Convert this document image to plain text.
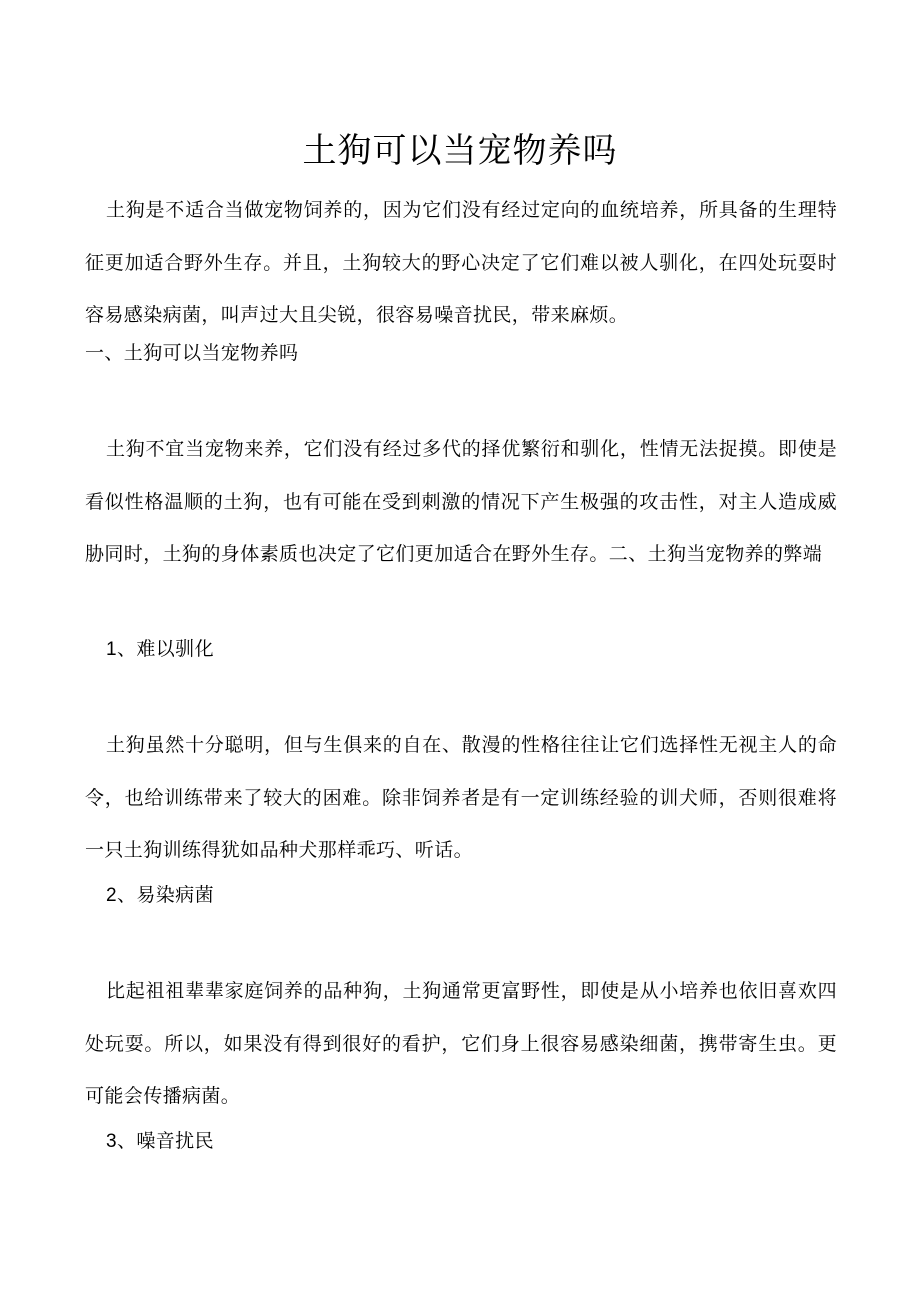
土狗可以当宠物养吗

土狗是不适合当做宠物饲养的，因为它们没有经过定向的血统培养，所具备的生理特征更加适合野外生存。并且，土狗较大的野心决定了它们难以被人驯化，在四处玩耍时容易感染病菌，叫声过大且尖锐，很容易噪音扰民，带来麻烦。

一、土狗可以当宠物养吗

土狗不宜当宠物来养，它们没有经过多代的择优繁衍和驯化，性情无法捉摸。即使是看似性格温顺的土狗，也有可能在受到刺激的情况下产生极强的攻击性，对主人造成威胁同时，土狗的身体素质也决定了它们更加适合在野外生存。二、土狗当宠物养的弊端

1、难以驯化

土狗虽然十分聪明，但与生俱来的自在、散漫的性格往往让它们选择性无视主人的命令，也给训练带来了较大的困难。除非饲养者是有一定训练经验的训犬师，否则很难将一只土狗训练得犹如品种犬那样乖巧、听话。

2、易染病菌

比起祖祖辈辈家庭饲养的品种狗，土狗通常更富野性，即使是从小培养也依旧喜欢四处玩耍。所以，如果没有得到很好的看护，它们身上很容易感染细菌，携带寄生虫。更可能会传播病菌。

3、噪音扰民
